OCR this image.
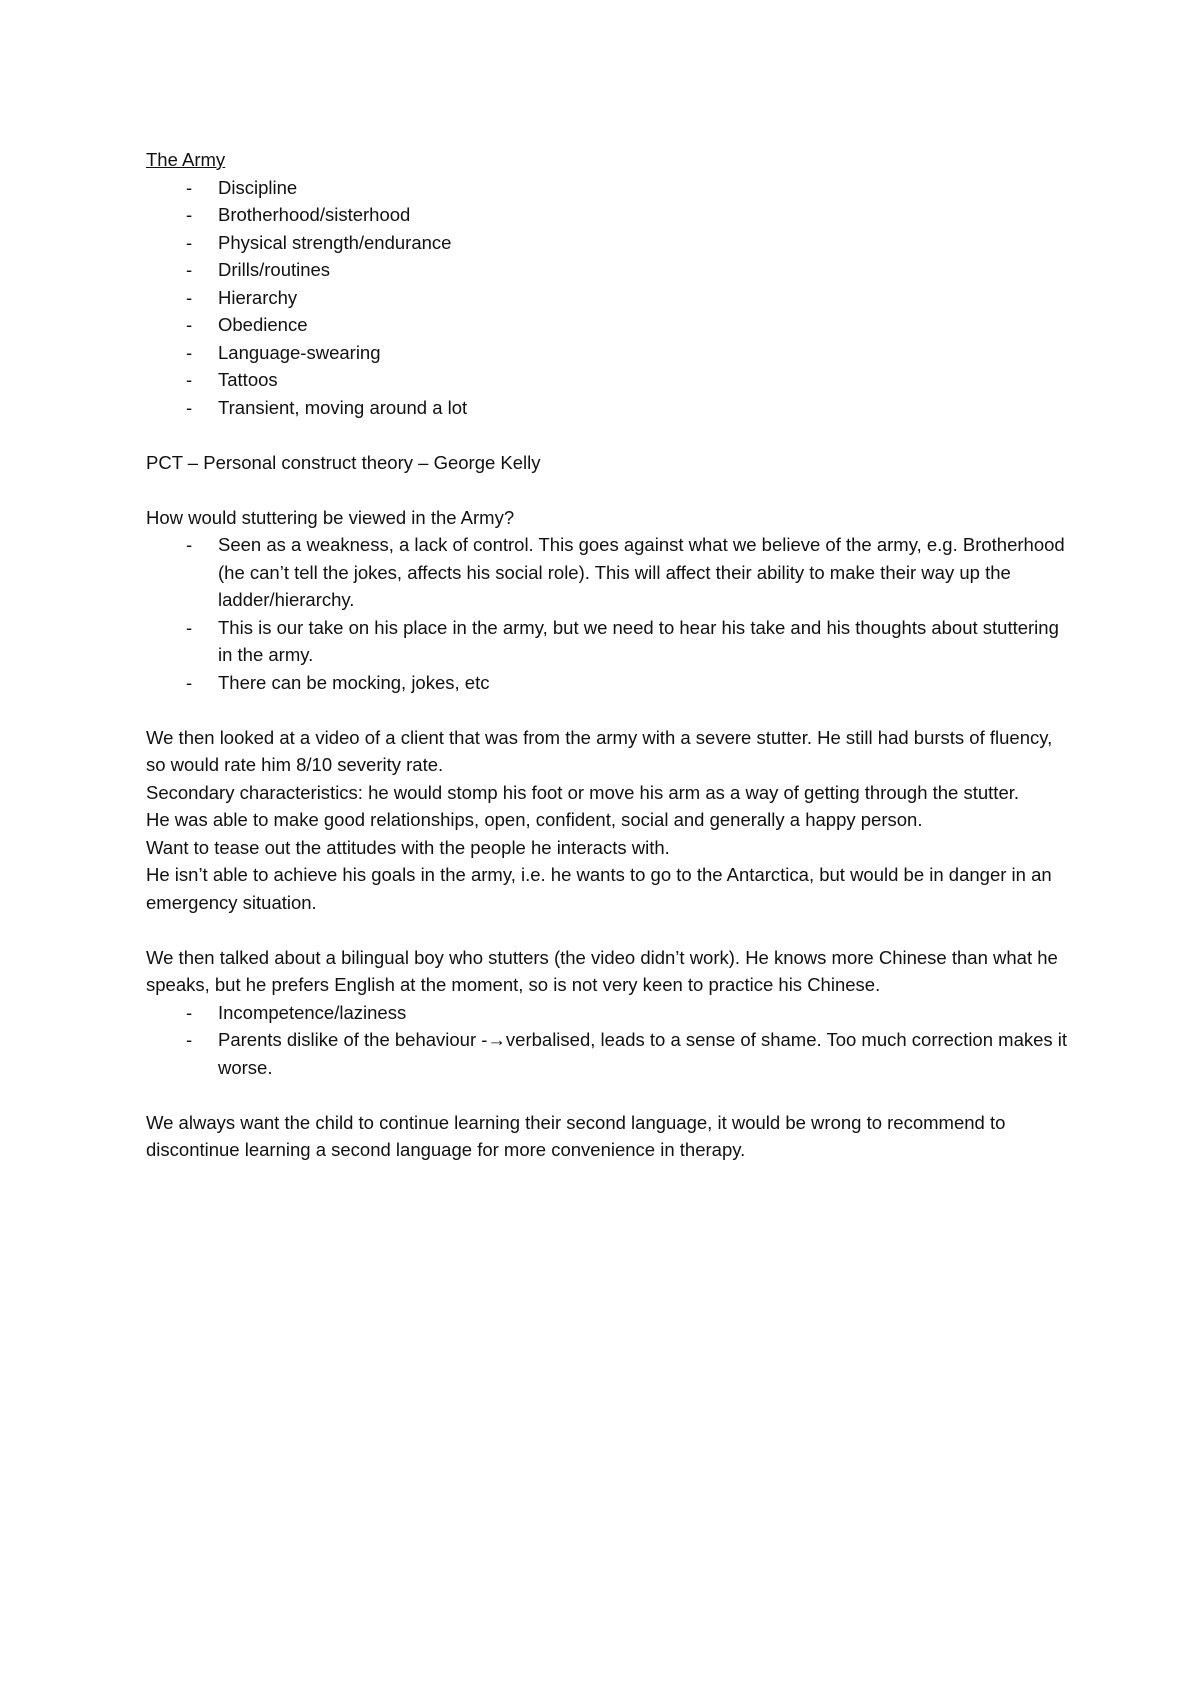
The Army
- Discipline
- Brotherhood/sisterhood
- Physical strength/endurance
- Drills/routines
- Hierarchy
- Obedience
- Language-swearing
- Tattoos
- Transient, moving around a lot
PCT – Personal construct theory – George Kelly
How would stuttering be viewed in the Army?
- Seen as a weakness, a lack of control. This goes against what we believe of the army, e.g. Brotherhood (he can’t tell the jokes, affects his social role). This will affect their ability to make their way up the ladder/hierarchy.
- This is our take on his place in the army, but we need to hear his take and his thoughts about stuttering in the army.
- There can be mocking, jokes, etc
We then looked at a video of a client that was from the army with a severe stutter. He still had bursts of fluency, so would rate him 8/10 severity rate.
Secondary characteristics: he would stomp his foot or move his arm as a way of getting through the stutter.
He was able to make good relationships, open, confident, social and generally a happy person.
Want to tease out the attitudes with the people he interacts with.
He isn’t able to achieve his goals in the army, i.e. he wants to go to the Antarctica, but would be in danger in an emergency situation.
We then talked about a bilingual boy who stutters (the video didn’t work). He knows more Chinese than what he speaks, but he prefers English at the moment, so is not very keen to practice his Chinese.
- Incompetence/laziness
- Parents dislike of the behaviour -→verbalised, leads to a sense of shame. Too much correction makes it worse.
We always want the child to continue learning their second language, it would be wrong to recommend to discontinue learning a second language for more convenience in therapy.
